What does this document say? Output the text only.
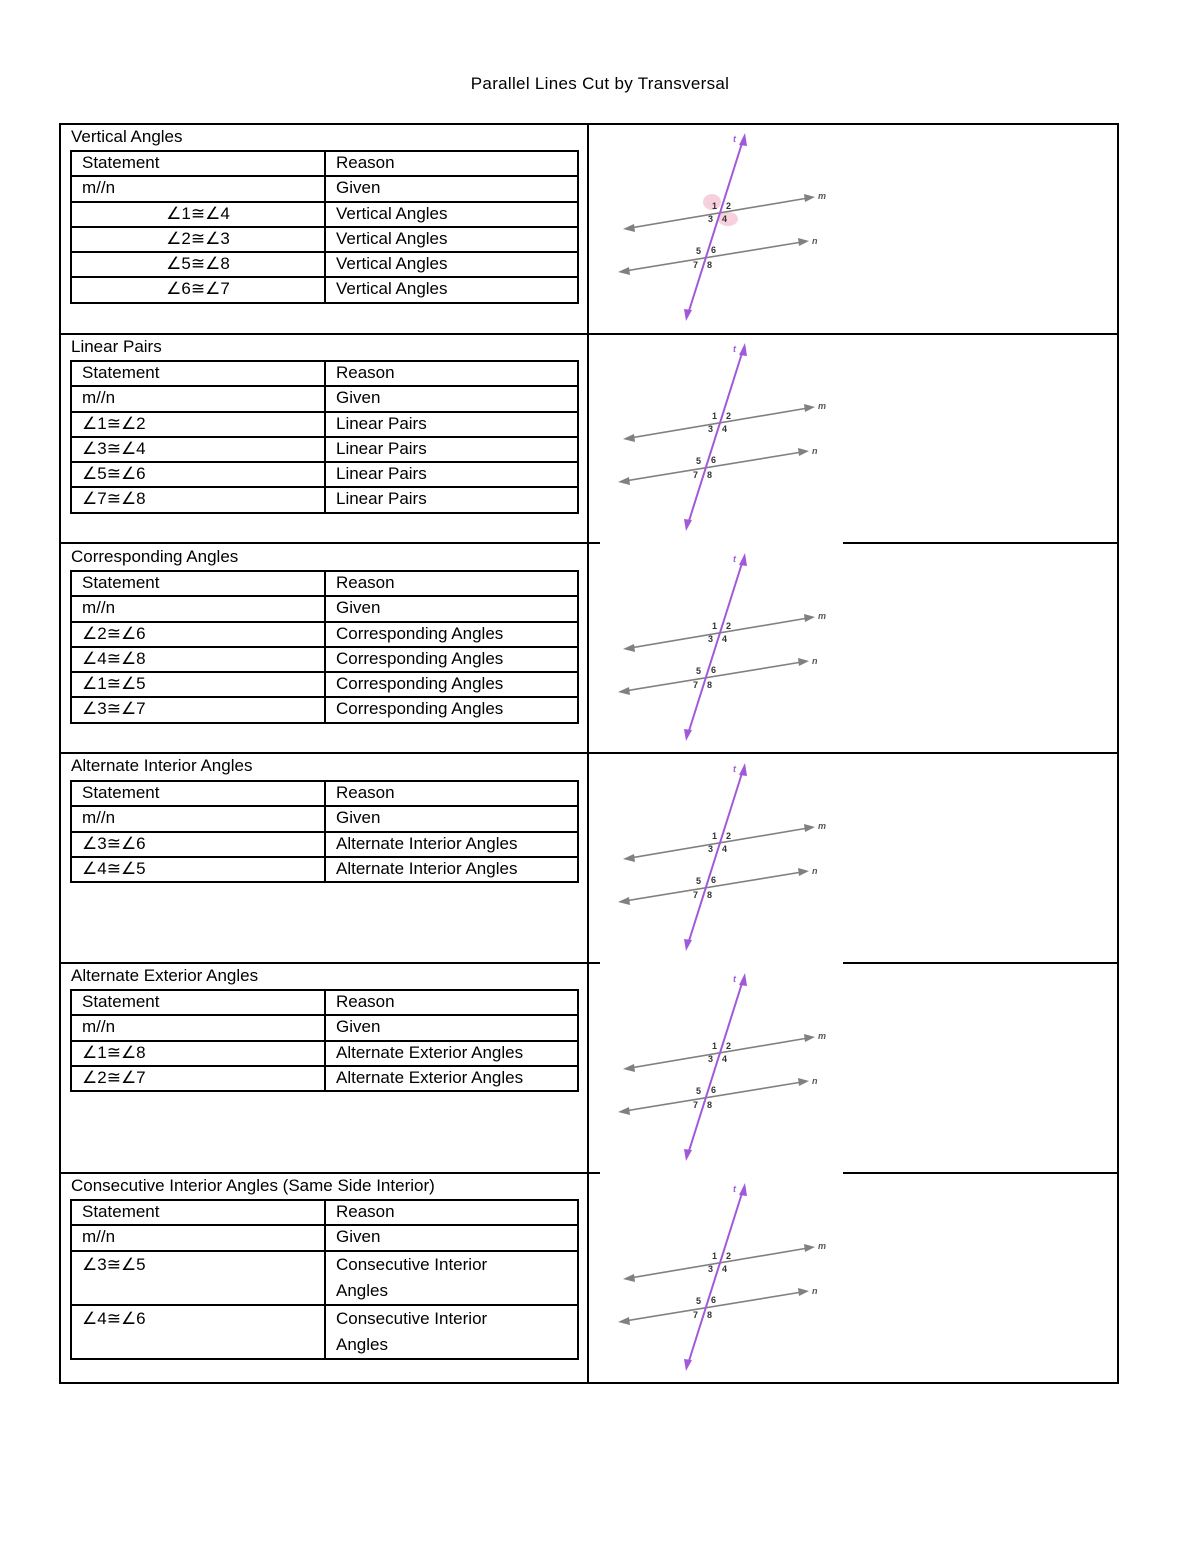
Parallel Lines Cut by Transversal
Vertical Angles
Statement	Reason
m//n	Given
∠1≅∠4	Vertical Angles
∠2≅∠3	Vertical Angles
∠5≅∠8	Vertical Angles
∠6≅∠7	Vertical Angles
t
m
n
1 2
3 4
5 6
7 8
Linear Pairs
Statement	Reason
m//n	Given
∠1≅∠2	Linear Pairs
∠3≅∠4	Linear Pairs
∠5≅∠6	Linear Pairs
∠7≅∠8	Linear Pairs
t
m
n
1 2
3 4
5 6
7 8
Corresponding Angles
Statement	Reason
m//n	Given
∠2≅∠6	Corresponding Angles
∠4≅∠8	Corresponding Angles
∠1≅∠5	Corresponding Angles
∠3≅∠7	Corresponding Angles
t
m
n
1 2
3 4
5 6
7 8
Alternate Interior Angles
Statement	Reason
m//n	Given
∠3≅∠6	Alternate Interior Angles
∠4≅∠5	Alternate Interior Angles
t
m
n
1 2
3 4
5 6
7 8
Alternate Exterior Angles
Statement	Reason
m//n	Given
∠1≅∠8	Alternate Exterior Angles
∠2≅∠7	Alternate Exterior Angles
t
m
n
1 2
3 4
5 6
7 8
Consecutive Interior Angles (Same Side Interior)
Statement	Reason
m//n	Given
∠3≅∠5	Consecutive Interior
Angles
∠4≅∠6	Consecutive Interior
Angles
t
m
n
1 2
3 4
5 6
7 8
